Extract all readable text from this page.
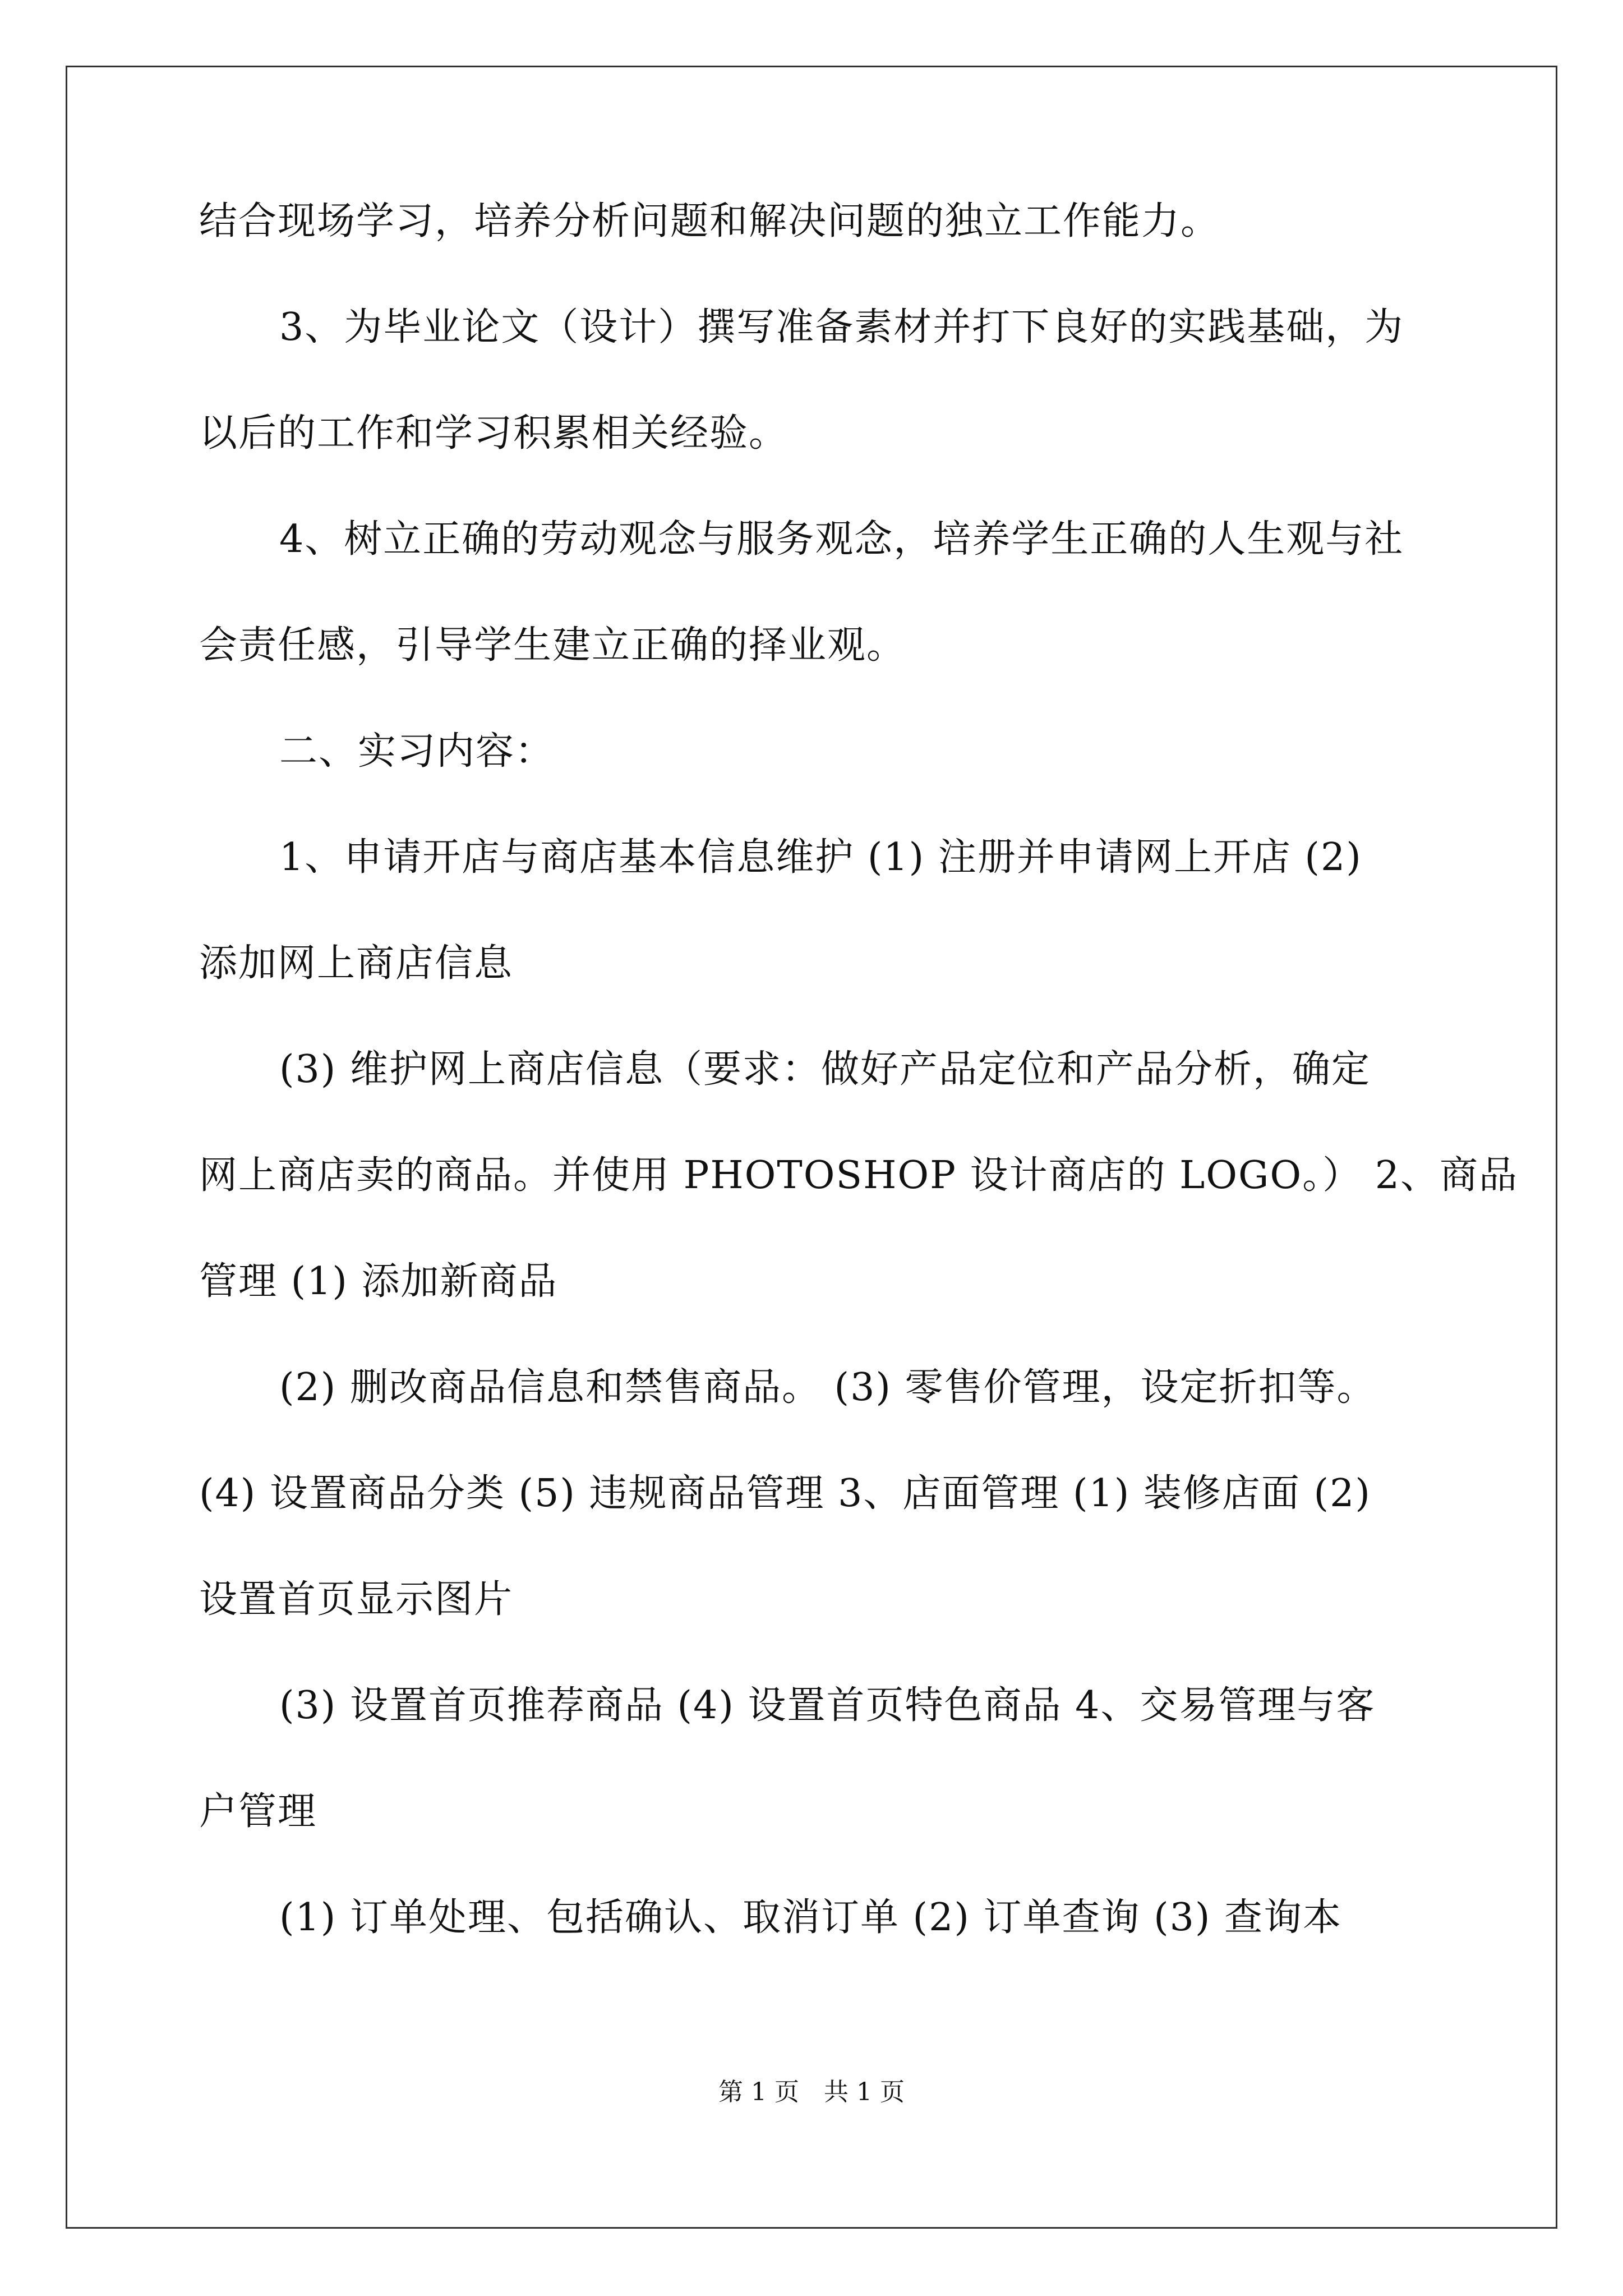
结合现场学习，培养分析问题和解决问题的独立工作能力。
3、为毕业论文（设计）撰写准备素材并打下良好的实践基础，为
以后的工作和学习积累相关经验。
4、树立正确的劳动观念与服务观念，培养学生正确的人生观与社
会责任感，引导学生建立正确的择业观。
二、实习内容：
1、申请开店与商店基本信息维护 (1) 注册并申请网上开店 (2)
添加网上商店信息
(3) 维护网上商店信息（要求：做好产品定位和产品分析，确定
网上商店卖的商品。并使用 PHOTOSHOP 设计商店的 LOGO。） 2、商品
管理 (1) 添加新商品
(2) 删改商品信息和禁售商品。 (3) 零售价管理，设定折扣等。
(4) 设置商品分类 (5) 违规商品管理 3、店面管理 (1) 装修店面 (2)
设置首页显示图片
(3) 设置首页推荐商品 (4) 设置首页特色商品 4、交易管理与客
户管理
(1) 订单处理、包括确认、取消订单 (2) 订单查询 (3) 查询本
第 1 页　共 1 页
